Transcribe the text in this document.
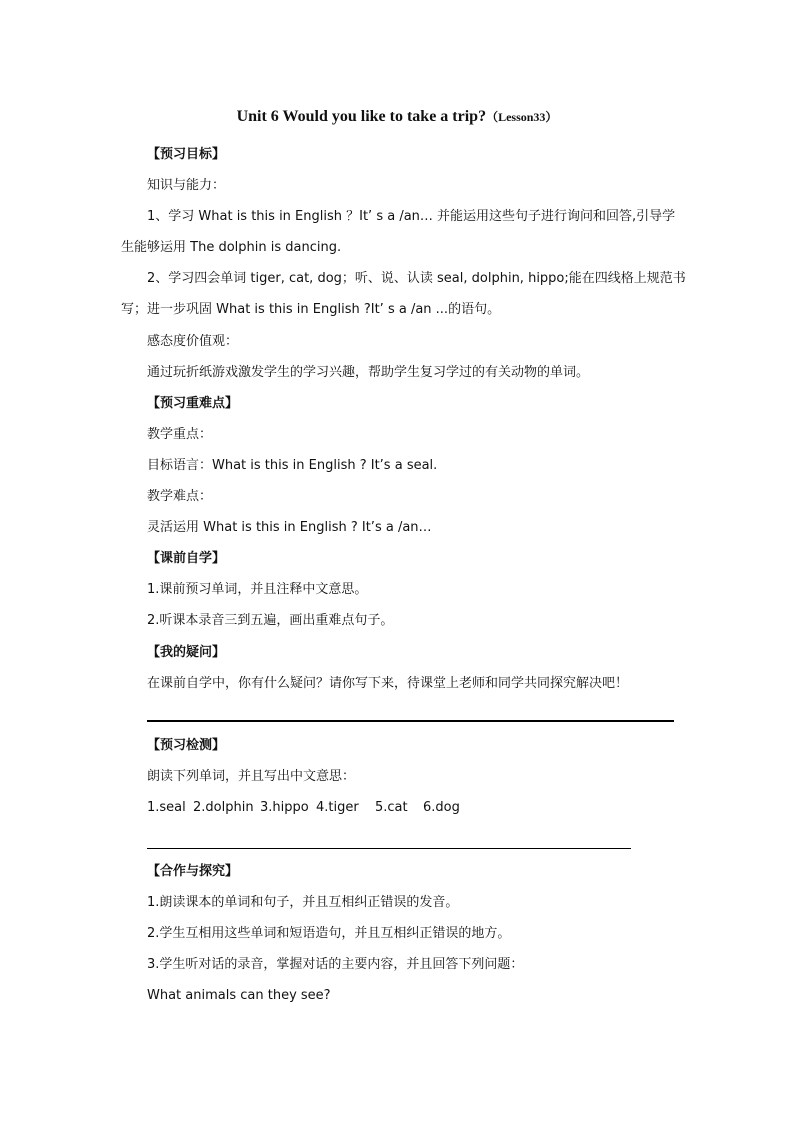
Unit 6 Would you like to take a trip?（Lesson33）
【预习目标】
知识与能力：
1、学习 What is this in English ？It’ s a /an… 并能运用这些句子进行询问和回答,引导学
生能够运用 The dolphin is dancing.
2、学习四会单词 tiger, cat, dog；听、说、认读 seal, dolphin, hippo;能在四线格上规范书
写；进一步巩固 What is this in English ?It’ s a /an ...的语句。
感态度价值观：
通过玩折纸游戏激发学生的学习兴趣，帮助学生复习学过的有关动物的单词。
【预习重难点】
教学重点：
目标语言：What is this in English ? It’s a seal.
教学难点：
灵活运用 What is this in English ? It’s a /an…
【课前自学】
1.课前预习单词，并且注释中文意思。
2.听课本录音三到五遍，画出重难点句子。
【我的疑问】
在课前自学中，你有什么疑问？请你写下来，待课堂上老师和同学共同探究解决吧！
【预习检测】
朗读下列单词，并且写出中文意思：
1.seal 2.dolphin 3.hippo 4.tiger 5.cat 6.dog
【合作与探究】
1.朗读课本的单词和句子，并且互相纠正错误的发音。
2.学生互相用这些单词和短语造句，并且互相纠正错误的地方。
3.学生听对话的录音，掌握对话的主要内容，并且回答下列问题：
What animals can they see?
